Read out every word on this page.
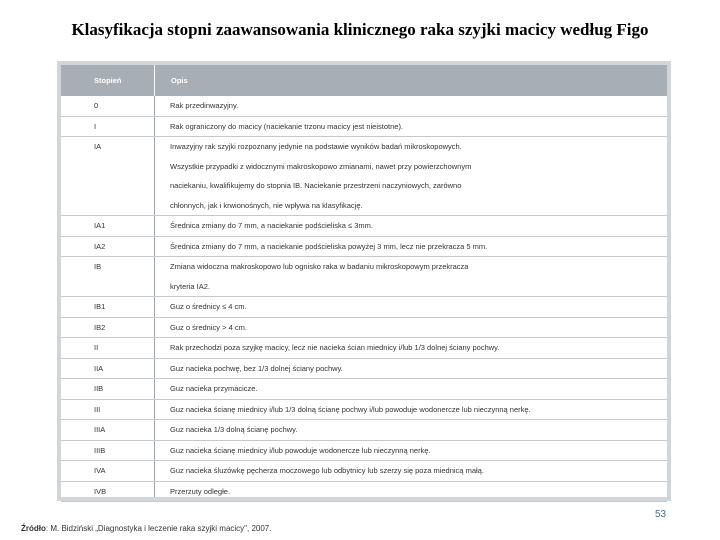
Klasyfikacja stopni zaawansowania klinicznego raka szyjki macicy według Figo
Stopień	Opis
0	Rak przedinwazyjny.
I	Rak ograniczony do macicy (naciekanie trzonu macicy jest nieistotne).
IA	Inwazyjny rak szyjki rozpoznany jedynie na podstawie wyników badań mikroskopowych.
Wszystkie przypadki z widocznymi makroskopowo zmianami, nawet przy powierzchownym
naciekaniu, kwalifikujemy do stopnia IB. Naciekanie przestrzeni naczyniowych, zarówno
chłonnych, jak i krwionośnych, nie wpływa na klasyfikację.
IA1	Średnica zmiany do 7 mm, a naciekanie podścieliska ≤ 3mm.
IA2	Średnica zmiany do 7 mm, a naciekanie podścieliska powyżej 3 mm, lecz nie przekracza 5 mm.
IB	Zmiana widoczna makroskopowo lub ognisko raka w badaniu mikroskopowym przekracza
kryteria IA2.
IB1	Guz o średnicy ≤ 4 cm.
IB2	Guz o średnicy > 4 cm.
II	Rak przechodzi poza szyjkę macicy, lecz nie nacieka ścian miednicy i/lub 1/3 dolnej ściany pochwy.
IIA	Guz nacieka pochwę, bez 1/3 dolnej ściany pochwy.
IIB	Guz nacieka przymacicze.
III	Guz nacieka ścianę miednicy i/lub 1/3 dolną ścianę pochwy i/lub powoduje wodonercze lub nieczynną nerkę.
IIIA	Guz nacieka 1/3 dolną ścianę pochwy.
IIIB	Guz nacieka ścianę miednicy i/lub powoduje wodonercze lub nieczynną nerkę.
IVA	Guz nacieka śluzówkę pęcherza moczowego lub odbytnicy lub szerzy się poza miednicą małą.
IVB	Przerzuty odległe.
53
Źródło: M. Bidziński „Diagnostyka i leczenie raka szyjki macicy", 2007.
